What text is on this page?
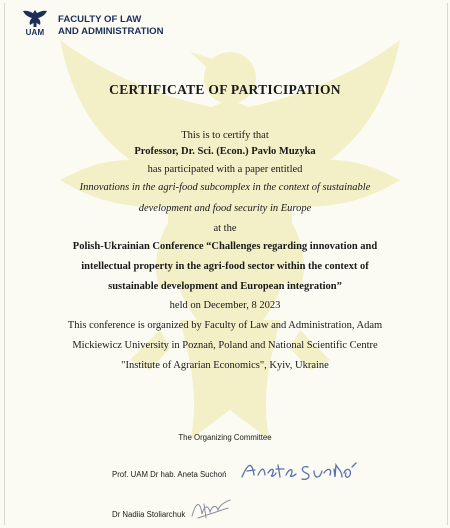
UAM
FACULTY OF LAW
AND ADMINISTRATION
CERTIFICATE OF PARTICIPATION
This is to certify that
Professor, Dr. Sci. (Econ.) Pavlo Muzyka
has participated with a paper entitled
Innovations in the agri-food subcomplex in the context of sustainable
development and food security in Europe
at the
Polish-Ukrainian Conference “Challenges regarding innovation and
intellectual property in the agri-food sector within the context of
sustainable development and European integration”
held on December, 8 2023
This conference is organized by Faculty of Law and Administration, Adam
Mickiewicz University in Poznań, Poland and National Scientific Centre
"Institute of Agrarian Economics", Kyiv, Ukraine
The Organizing Committee
Prof. UAM Dr hab. Aneta Suchoń
Dr Nadiia Stoliarchuk
